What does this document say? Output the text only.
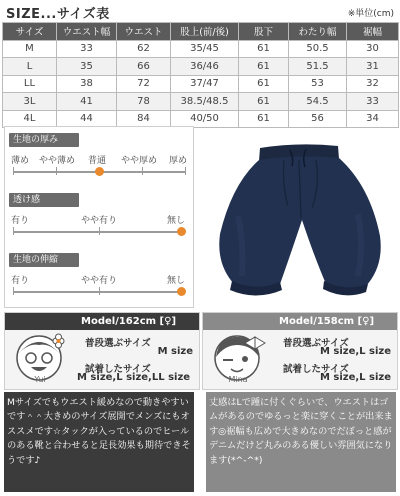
SIZE...サイズ表	※単位(cm)
サイズ	ウエスト幅	ウエスト	股上(前/後)	股下	わたり幅	裾幅
M	33	62	35/45	61	50.5	30
L	35	66	36/46	61	51.5	31
LL	38	72	37/47	61	53	32
3L	41	78	38.5/48.5	61	54.5	33
4L	44	84	40/50	61	56	34
生地の厚み
薄め やや薄め 普通 やや厚め 厚め
透け感
有り	やや有り	無し
生地の伸縮
有り	やや有り	無し
Model/162cm [♀]
Yui
普段選ぶサイズ
M size
試着したサイズ
M size,L size,LL size
Model/158cm [♀]
Mina
普段選ぶサイズ
M size,L size
試着したサイズ
M size,L size
Mサイズでもウエスト緩めなので動きやすいです＾＾大きめのサイズ展開でメンズにもオススメです☆タックが入っているのでヒールのある靴と合わせると足長効果も期待できそうです♪
丈感はLで踵に付くぐらいで、ウエストはゴムがあるのでゆるっと楽に穿くことが出来ます◎裾幅も広めで大きめなのでだぼっと感がデニムだけど丸みのある優しい雰囲気になります(*^-^*)
